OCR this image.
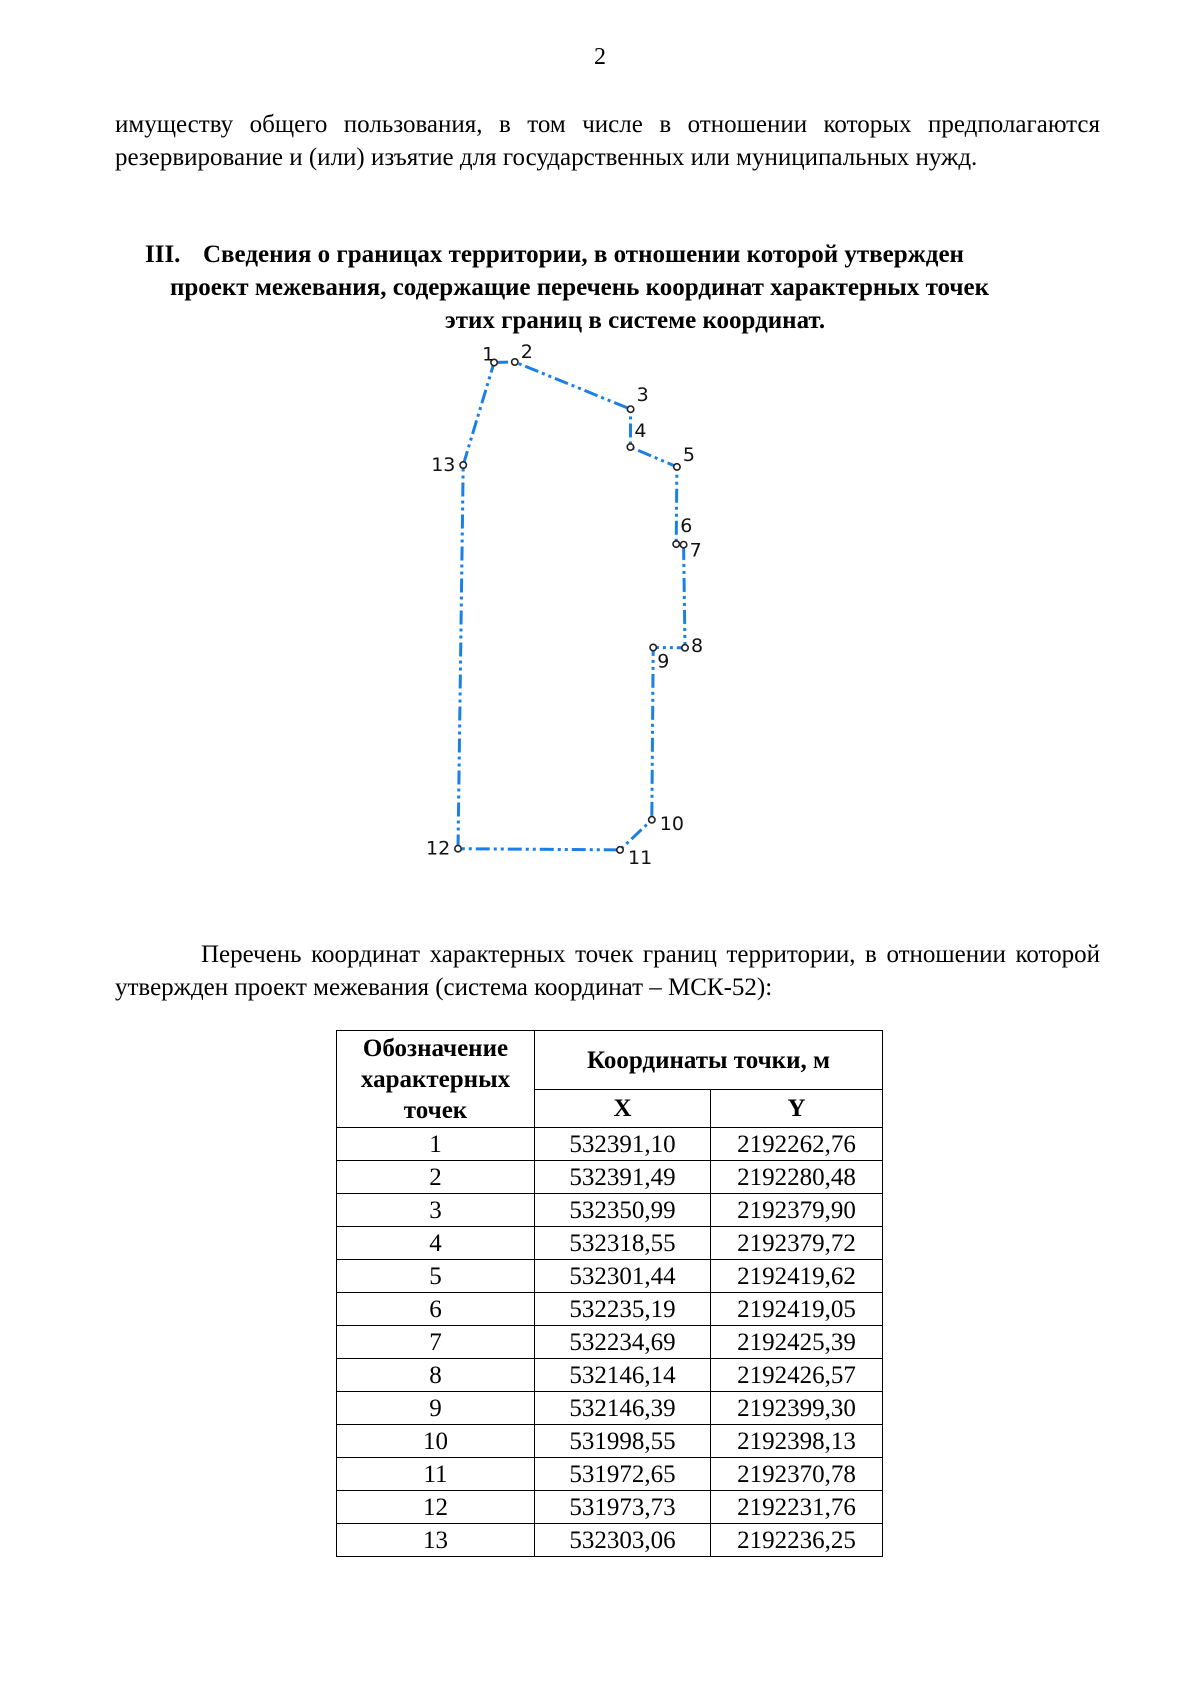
2

имуществу общего пользования, в том числе в отношении которых предполагаются резервирование и (или) изъятие для государственных или муниципальных нужд.

III. Сведения о границах территории, в отношении которой утвержден
проект межевания, содержащие перечень координат характерных точек
этих границ в системе координат.
1 2
3
4
5
6
7
8
9
10
11
12
13

Перечень координат характерных точек границ территории, в отношении которой утвержден проект межевания (система координат – МСК-52):

Обозначение характерных точек	Координаты точки, м	
	X	Y
1	532391,10	2192262,76
2	532391,49	2192280,48
3	532350,99	2192379,90
4	532318,55	2192379,72
5	532301,44	2192419,62
6	532235,19	2192419,05
7	532234,69	2192425,39
8	532146,14	2192426,57
9	532146,39	2192399,30
10	531998,55	2192398,13
11	531972,65	2192370,78
12	531973,73	2192231,76
13	532303,06	2192236,25
